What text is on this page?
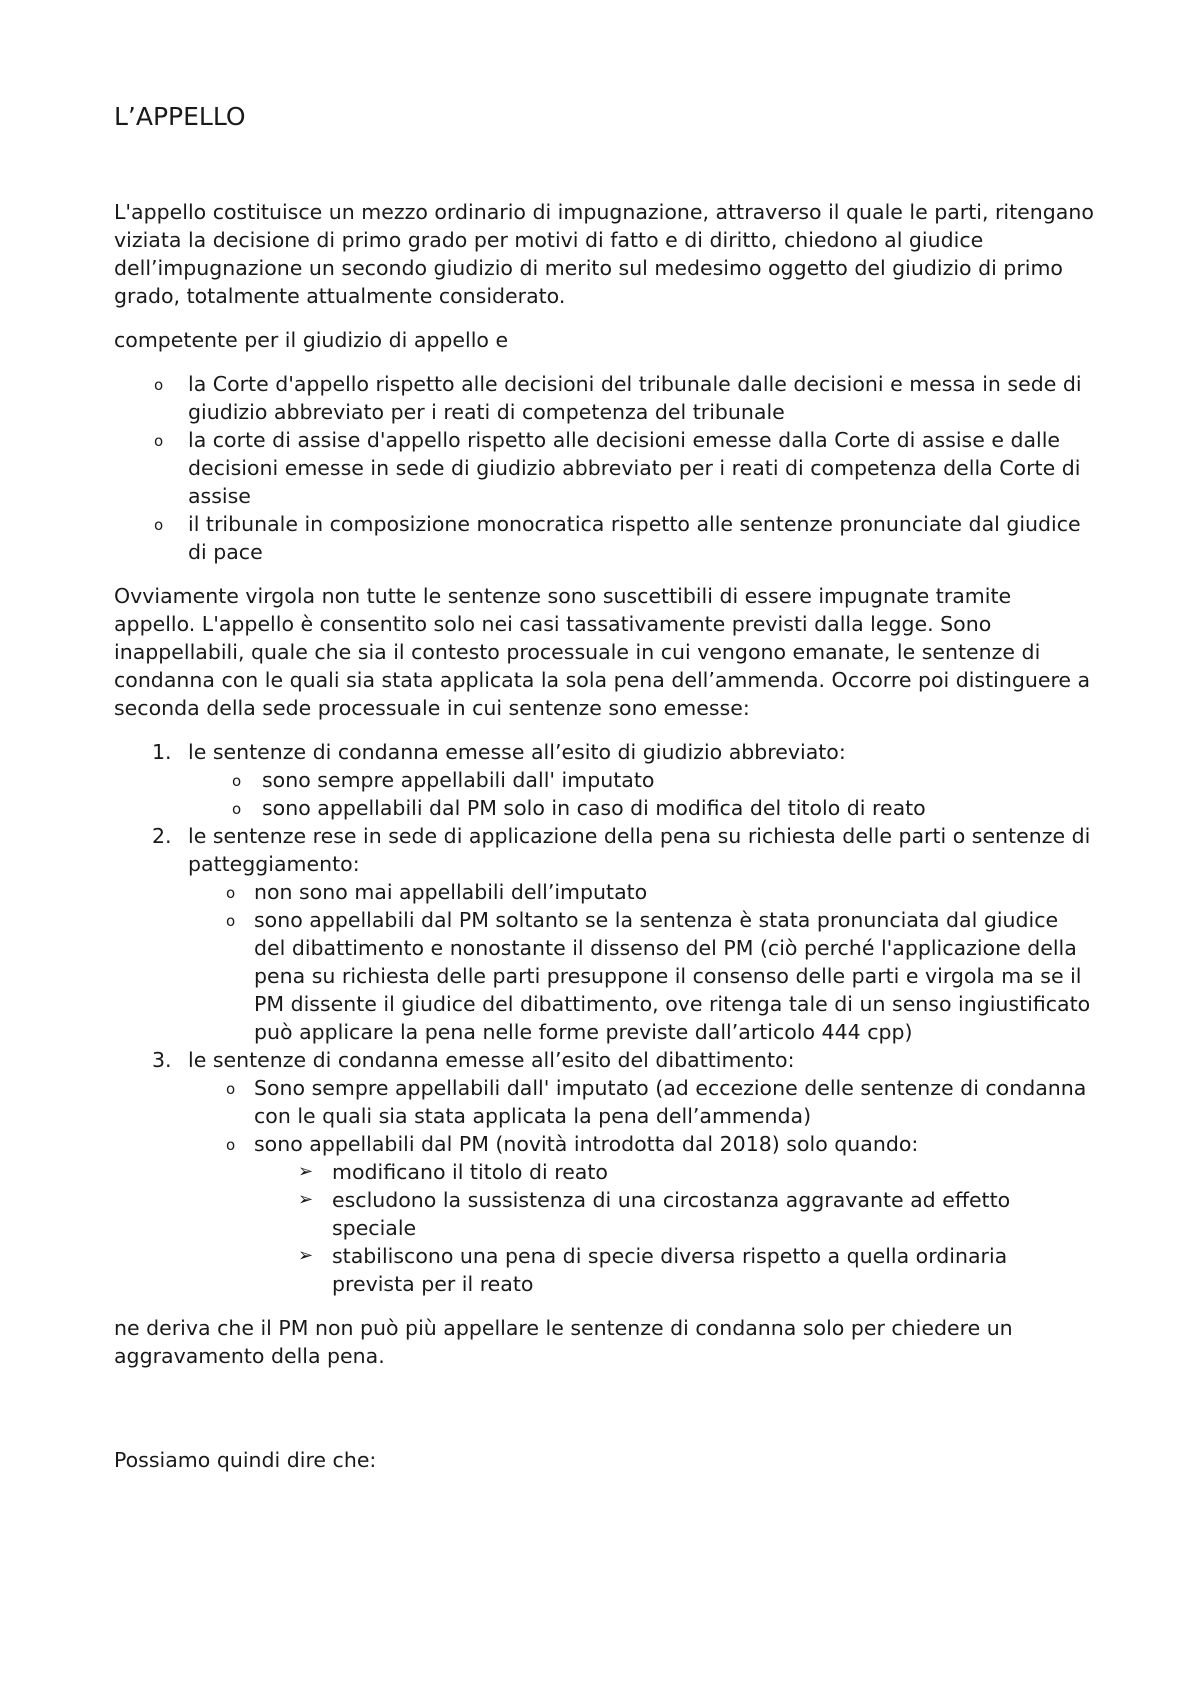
L’APPELLO

L'appello costituisce un mezzo ordinario di impugnazione, attraverso il quale le parti, ritengano viziata la decisione di primo grado per motivi di fatto e di diritto, chiedono al giudice dell’impugnazione un secondo giudizio di merito sul medesimo oggetto del giudizio di primo grado, totalmente attualmente considerato.

competente per il giudizio di appello e

o la Corte d'appello rispetto alle decisioni del tribunale dalle decisioni e messa in sede di giudizio abbreviato per i reati di competenza del tribunale
o la corte di assise d'appello rispetto alle decisioni emesse dalla Corte di assise e dalle decisioni emesse in sede di giudizio abbreviato per i reati di competenza della Corte di assise
o il tribunale in composizione monocratica rispetto alle sentenze pronunciate dal giudice di pace

Ovviamente virgola non tutte le sentenze sono suscettibili di essere impugnate tramite appello. L'appello è consentito solo nei casi tassativamente previsti dalla legge. Sono inappellabili, quale che sia il contesto processuale in cui vengono emanate, le sentenze di condanna con le quali sia stata applicata la sola pena dell’ammenda. Occorre poi distinguere a seconda della sede processuale in cui sentenze sono emesse:

1. le sentenze di condanna emesse all’esito di giudizio abbreviato:
o sono sempre appellabili dall' imputato
o sono appellabili dal PM solo in caso di modifica del titolo di reato
2. le sentenze rese in sede di applicazione della pena su richiesta delle parti o sentenze di patteggiamento:
o non sono mai appellabili dell’imputato
o sono appellabili dal PM soltanto se la sentenza è stata pronunciata dal giudice del dibattimento e nonostante il dissenso del PM (ciò perché l'applicazione della pena su richiesta delle parti presuppone il consenso delle parti e virgola ma se il PM dissente il giudice del dibattimento, ove ritenga tale di un senso ingiustificato può applicare la pena nelle forme previste dall’articolo 444 cpp)
3. le sentenze di condanna emesse all’esito del dibattimento:
o Sono sempre appellabili dall' imputato (ad eccezione delle sentenze di condanna con le quali sia stata applicata la pena dell’ammenda)
o sono appellabili dal PM (novità introdotta dal 2018) solo quando:
➢ modificano il titolo di reato
➢ escludono la sussistenza di una circostanza aggravante ad effetto speciale
➢ stabiliscono una pena di specie diversa rispetto a quella ordinaria prevista per il reato

ne deriva che il PM non può più appellare le sentenze di condanna solo per chiedere un aggravamento della pena.

Possiamo quindi dire che:
